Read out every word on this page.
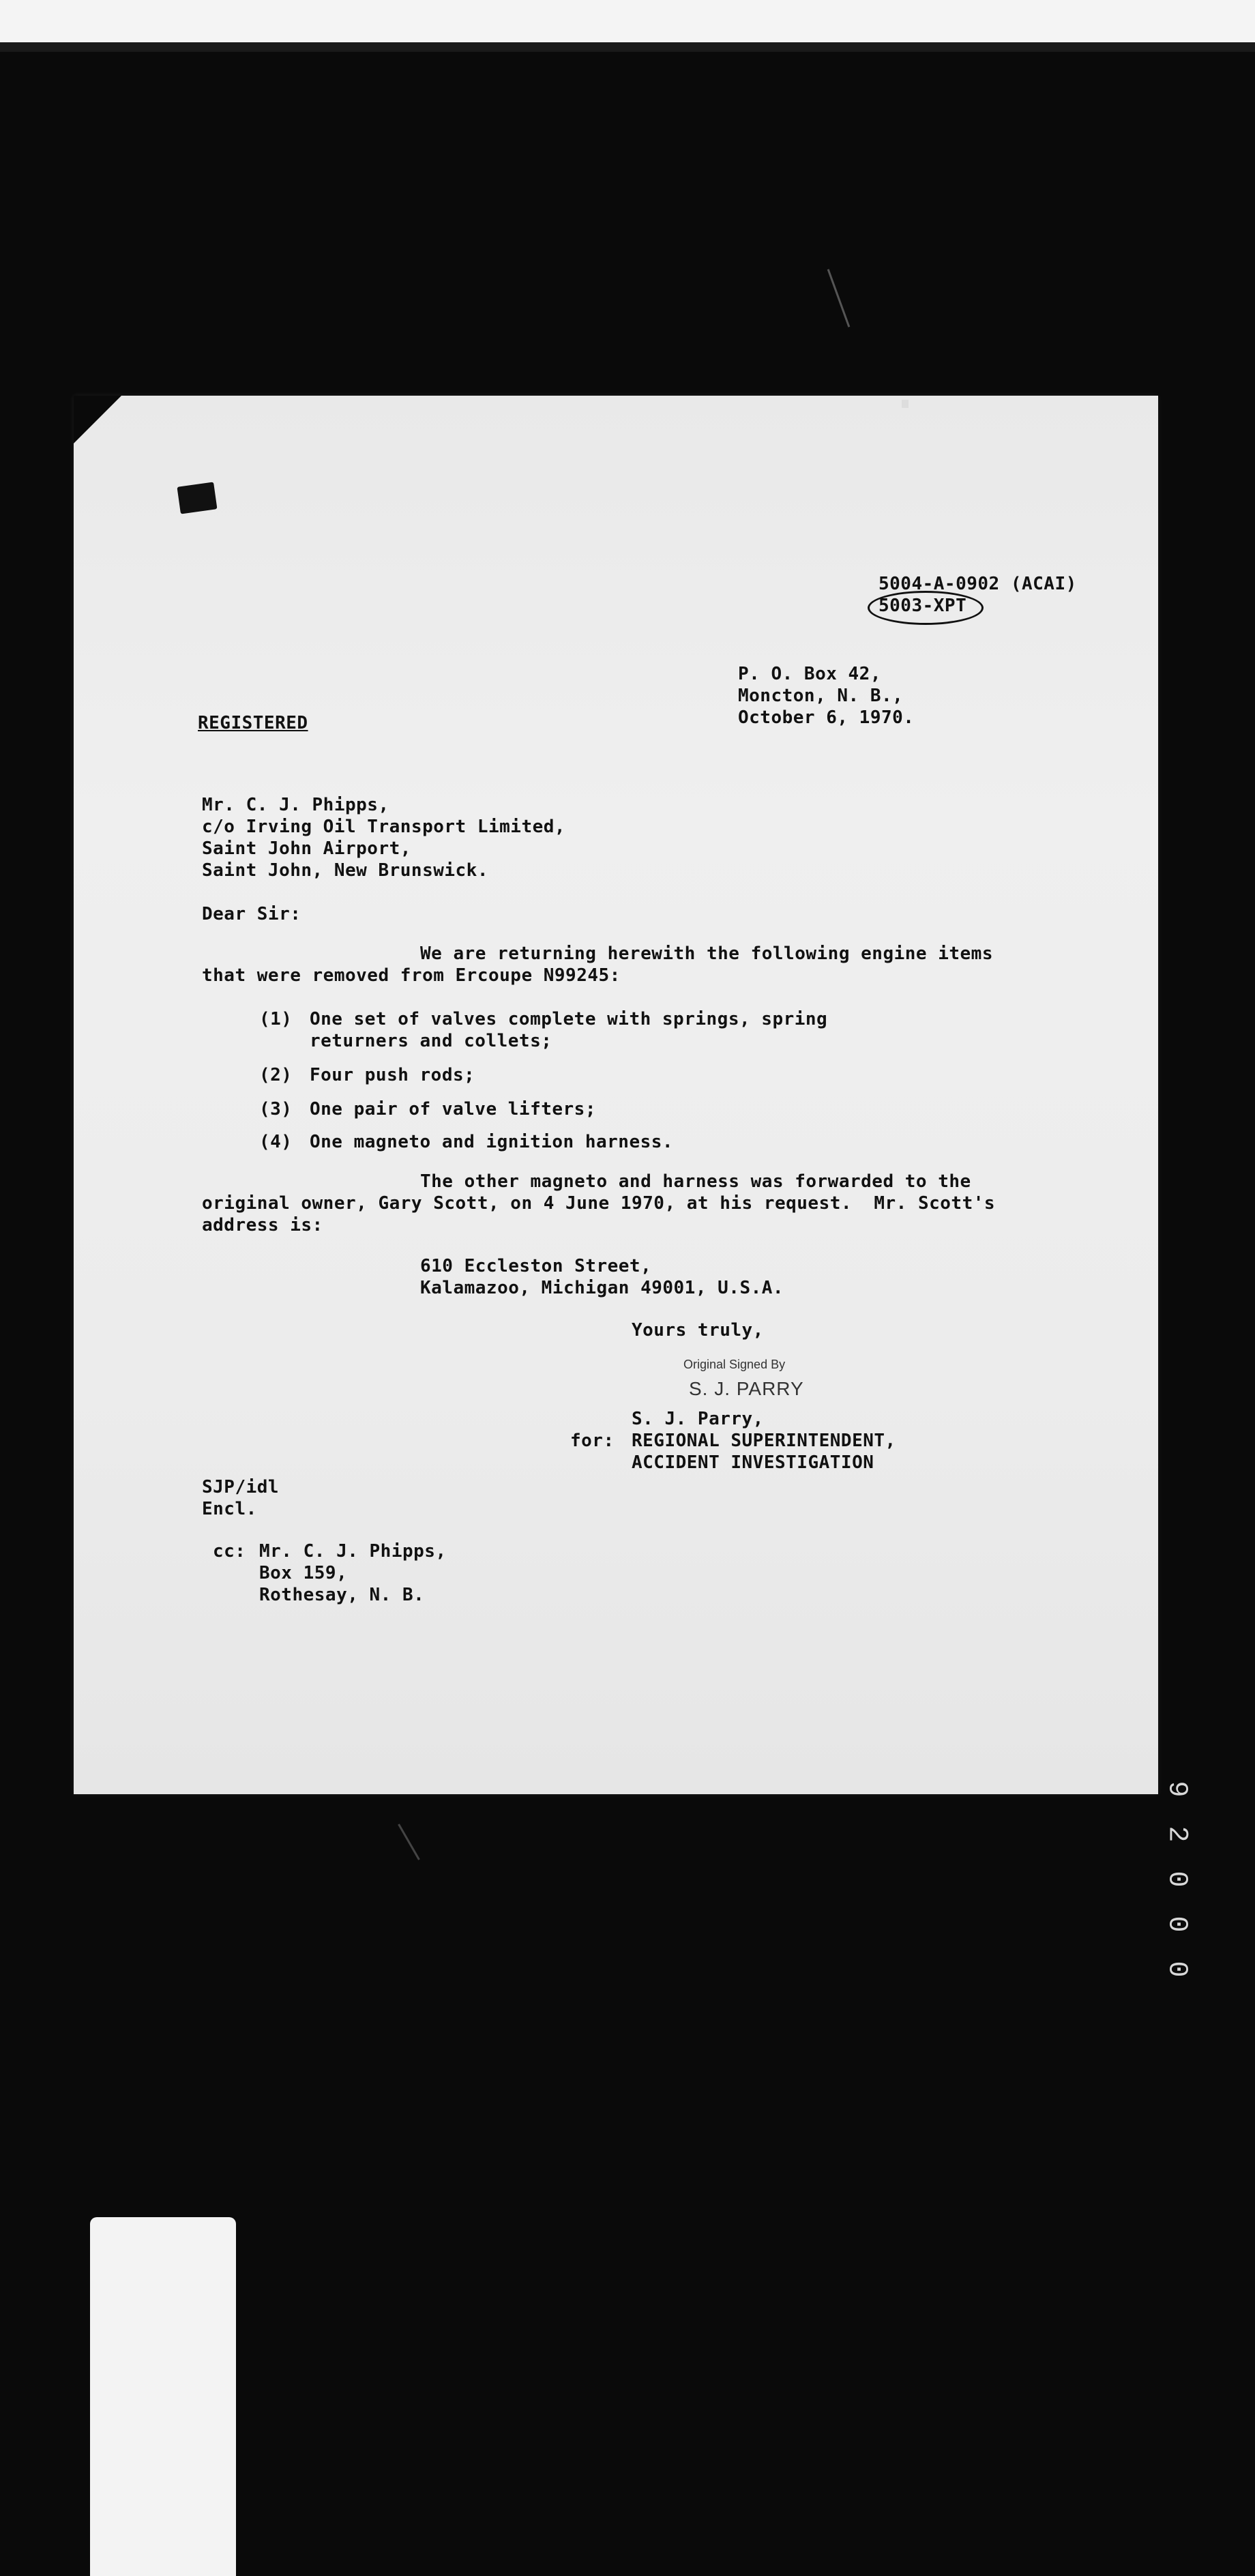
5004-A-0902 (ACAI)
5003-XPT
P. O. Box 42,
Moncton, N. B.,
October 6, 1970.
REGISTERED
Mr. C. J. Phipps,
c/o Irving Oil Transport Limited,
Saint John Airport,
Saint John, New Brunswick.
Dear Sir:
We are returning herewith the following engine items
that were removed from Ercoupe N99245:
(1) One set of valves complete with springs, spring
returners and collets;
(2) Four push rods;
(3) One pair of valve lifters;
(4) One magneto and ignition harness.
The other magneto and harness was forwarded to the
original owner, Gary Scott, on 4 June 1970, at his request.  Mr. Scott's
address is:
610 Eccleston Street,
Kalamazoo, Michigan 49001, U.S.A.
Yours truly,
Original Signed By
S. J. PARRY
S. J. Parry,
for: REGIONAL SUPERINTENDENT,
ACCIDENT INVESTIGATION
SJP/idl
Encl.
cc: Mr. C. J. Phipps,
Box 159,
Rothesay, N. B.
9
2
0
0
0
